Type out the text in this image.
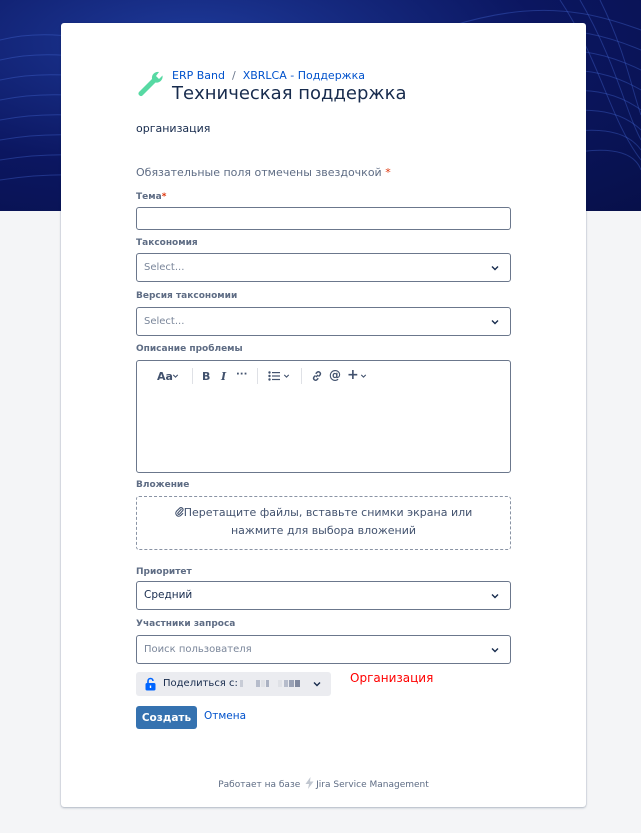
ERP Band / XBRLCA - Поддержка
Техническая поддержка
организация
Обязательные поля отмечены звездочкой *
Тема*
Таксономия
Select...
Версия таксономии
Select...
Описание проблемы
Aa	B I ···	@ +
Вложение
Перетащите файлы, вставьте снимки экрана или
нажмите для выбора вложений
Приоритет
Средний
Участники запроса
Поиск пользователя
Поделиться с:	Организация
Создать	Отмена
Работает на базе Jira Service Management
